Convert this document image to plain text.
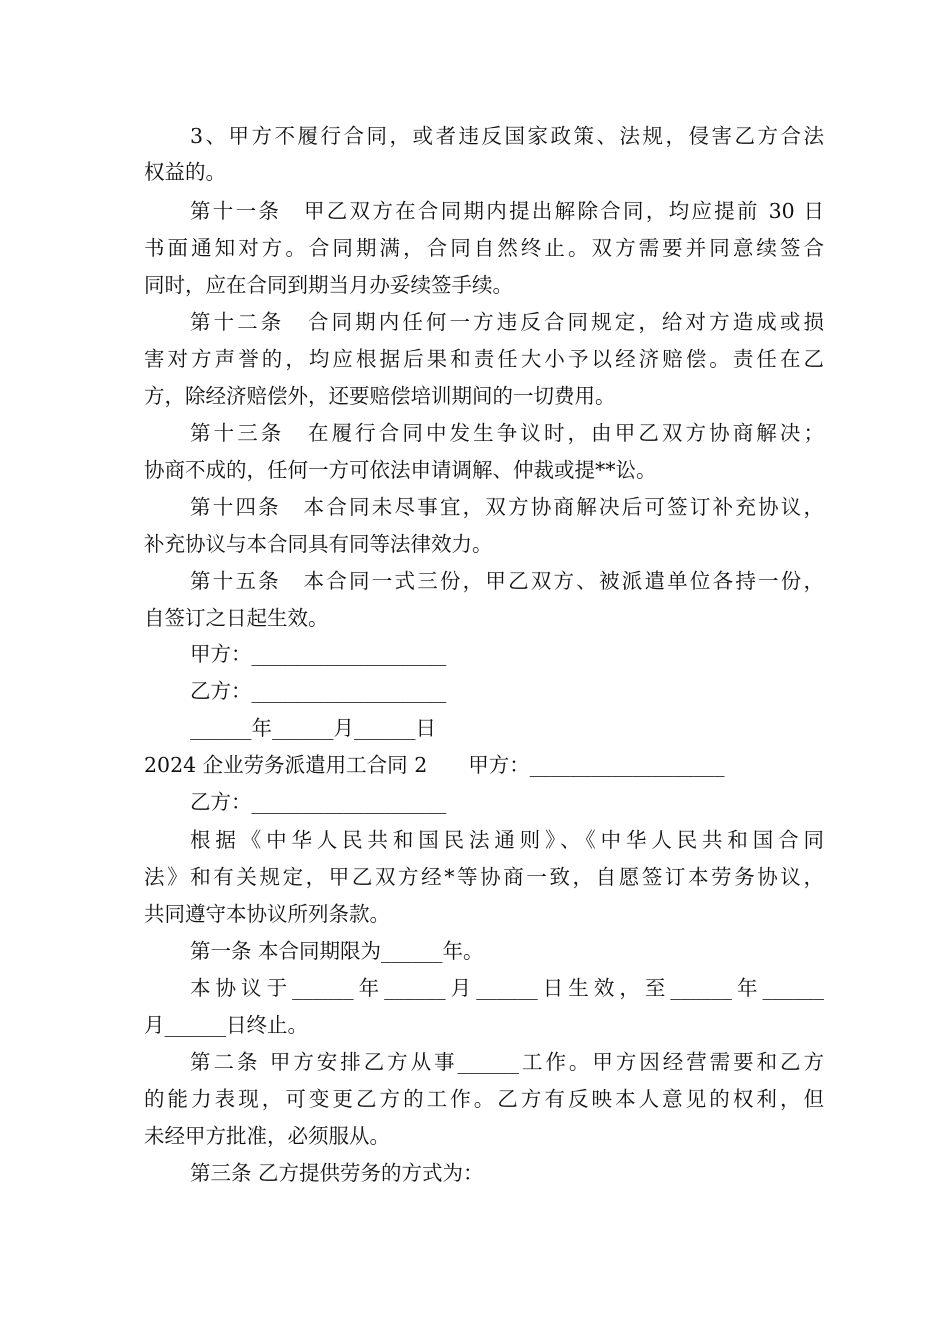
3、甲方不履行合同，或者违反国家政策、法规，侵害乙方合法
权益的。
第十一条　甲乙双方在合同期内提出解除合同，均应提前 30 日
书面通知对方。合同期满，合同自然终止。双方需要并同意续签合
同时，应在合同到期当月办妥续签手续。
第十二条　合同期内任何一方违反合同规定，给对方造成或损
害对方声誉的，均应根据后果和责任大小予以经济赔偿。责任在乙
方，除经济赔偿外，还要赔偿培训期间的一切费用。
第十三条　在履行合同中发生争议时，由甲乙双方协商解决；
协商不成的，任何一方可依法申请调解、仲裁或提**讼。
第十四条　本合同未尽事宜，双方协商解决后可签订补充协议，
补充协议与本合同具有同等法律效力。
第十五条　本合同一式三份，甲乙双方、被派遣单位各持一份，
自签订之日起生效。
甲方：___________________
乙方：___________________
______年______月______日
2024 企业劳务派遣用工合同 2　　甲方：___________________
乙方：___________________
根据《中华人民共和国民法通则》、《中华人民共和国合同
法》和有关规定，甲乙双方经*等协商一致，自愿签订本劳务协议，
共同遵守本协议所列条款。
第一条 本合同期限为______年。
本协议于______年______月______日生效，至______年______
月______日终止。
第二条 甲方安排乙方从事______工作。甲方因经营需要和乙方
的能力表现，可变更乙方的工作。乙方有反映本人意见的权利，但
未经甲方批准，必须服从。
第三条 乙方提供劳务的方式为：
